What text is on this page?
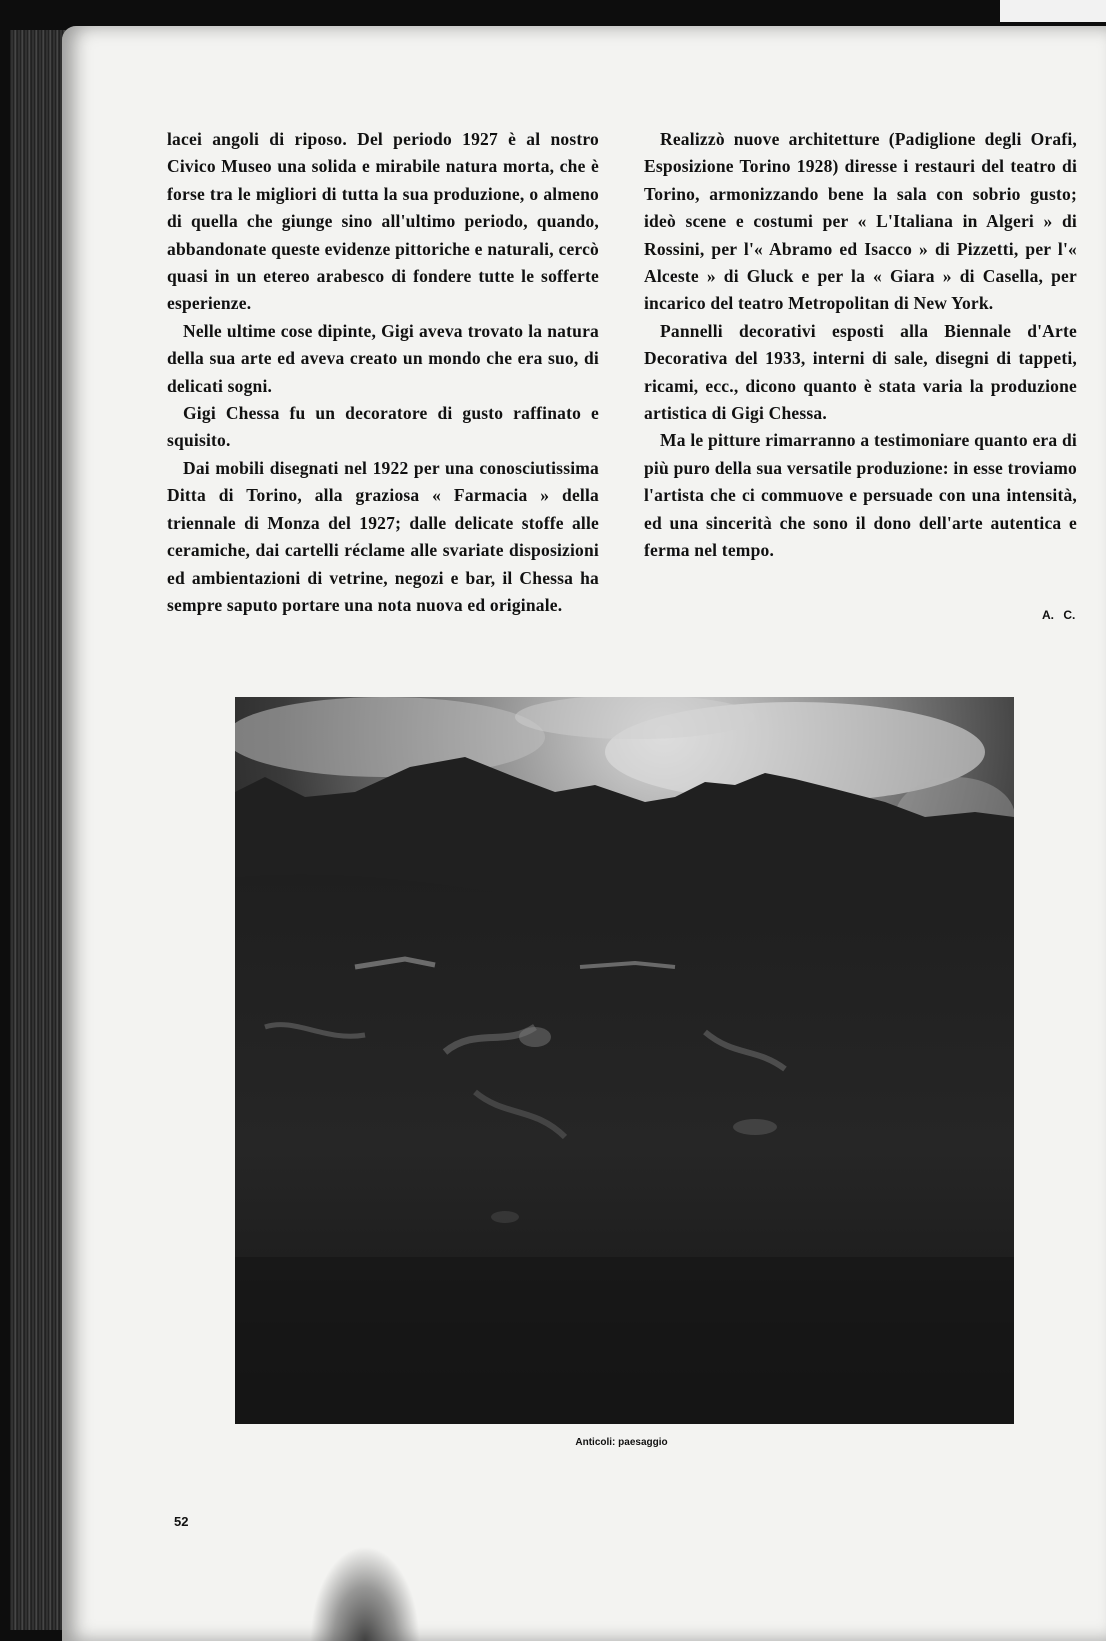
lacei angoli di riposo. Del periodo 1927 è al nostro Civico Museo una solida e mirabile natura morta, che è forse tra le migliori di tutta la sua produzione, o almeno di quella che giunge sino all'ultimo periodo, quando, abbandonate queste evidenze pittoriche e naturali, cercò quasi in un etereo arabesco di fondere tutte le sofferte esperienze.

Nelle ultime cose dipinte, Gigi aveva trovato la natura della sua arte ed aveva creato un mondo che era suo, di delicati sogni.

Gigi Chessa fu un decoratore di gusto raffinato e squisito.

Dai mobili disegnati nel 1922 per una conosciutissima Ditta di Torino, alla graziosa « Farmacia » della triennale di Monza del 1927; dalle delicate stoffe alle ceramiche, dai cartelli réclame alle svariate disposizioni ed ambientazioni di vetrine, negozi e bar, il Chessa ha sempre saputo portare una nota nuova ed originale.

Realizzò nuove architetture (Padiglione degli Orafi, Esposizione Torino 1928) diresse i restauri del teatro di Torino, armonizzando bene la sala con sobrio gusto; ideò scene e costumi per « L'Italiana in Algeri » di Rossini, per l'« Abramo ed Isacco » di Pizzetti, per l'« Alceste » di Gluck e per la « Giara » di Casella, per incarico del teatro Metropolitan di New York.

Pannelli decorativi esposti alla Biennale d'Arte Decorativa del 1933, interni di sale, disegni di tappeti, ricami, ecc., dicono quanto è stata varia la produzione artistica di Gigi Chessa.

Ma le pitture rimarranno a testimoniare quanto era di più puro della sua versatile produzione: in esse troviamo l'artista che ci commuove e persuade con una intensità, ed una sincerità che sono il dono dell'arte autentica e ferma nel tempo.

A. C.
Anticoli: paesaggio
52
